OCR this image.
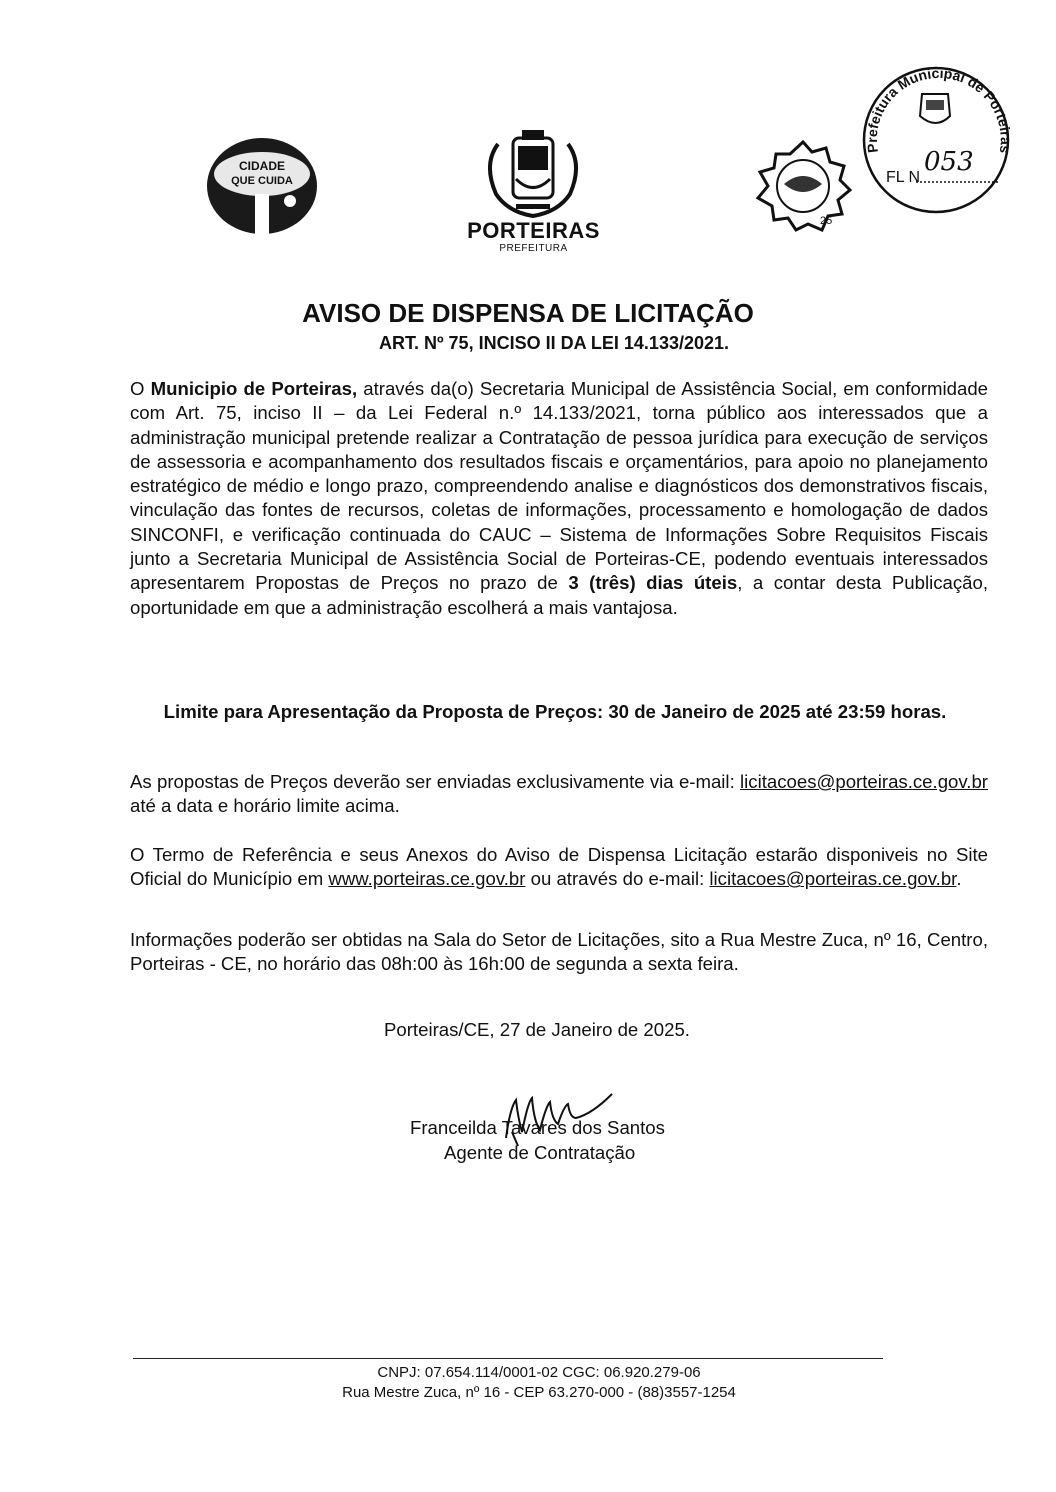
CIDADE
QUE CUIDA
PORTEIRAS
PREFEITURA
25
Prefeitura Municipal de Porteiras
FL N
053
AVISO DE DISPENSA DE LICITAÇÃO
ART. Nº 75, INCISO II DA LEI 14.133/2021.
O Municipio de Porteiras, através da(o) Secretaria Municipal de Assistência Social, em conformidade com Art. 75, inciso II – da Lei Federal n.º 14.133/2021, torna público aos interessados que a administração municipal pretende realizar a Contratação de pessoa jurídica para execução de serviços de assessoria e acompanhamento dos resultados fiscais e orçamentários, para apoio no planejamento estratégico de médio e longo prazo, compreendendo analise e diagnósticos dos demonstrativos fiscais, vinculação das fontes de recursos, coletas de informações, processamento e homologação de dados SINCONFI, e verificação continuada do CAUC – Sistema de Informações Sobre Requisitos Fiscais junto a Secretaria Municipal de Assistência Social de Porteiras-CE, podendo eventuais interessados apresentarem Propostas de Preços no prazo de 3 (três) dias úteis, a contar desta Publicação, oportunidade em que a administração escolherá a mais vantajosa.
Limite para Apresentação da Proposta de Preços: 30 de Janeiro de 2025 até 23:59 horas.
As propostas de Preços deverão ser enviadas exclusivamente via e-mail: licitacoes@porteiras.ce.gov.br até a data e horário limite acima.
O Termo de Referência e seus Anexos do Aviso de Dispensa Licitação estarão disponiveis no Site Oficial do Município em www.porteiras.ce.gov.br ou através do e-mail: licitacoes@porteiras.ce.gov.br.
Informações poderão ser obtidas na Sala do Setor de Licitações, sito a Rua Mestre Zuca, nº 16, Centro, Porteiras - CE, no horário das 08h:00 às 16h:00 de segunda a sexta feira.
Porteiras/CE, 27 de Janeiro de 2025.
Franceilda Tavares dos Santos
Agente de Contratação
CNPJ: 07.654.114/0001-02 CGC: 06.920.279-06
Rua Mestre Zuca, nº 16 - CEP 63.270-000 - (88)3557-1254
